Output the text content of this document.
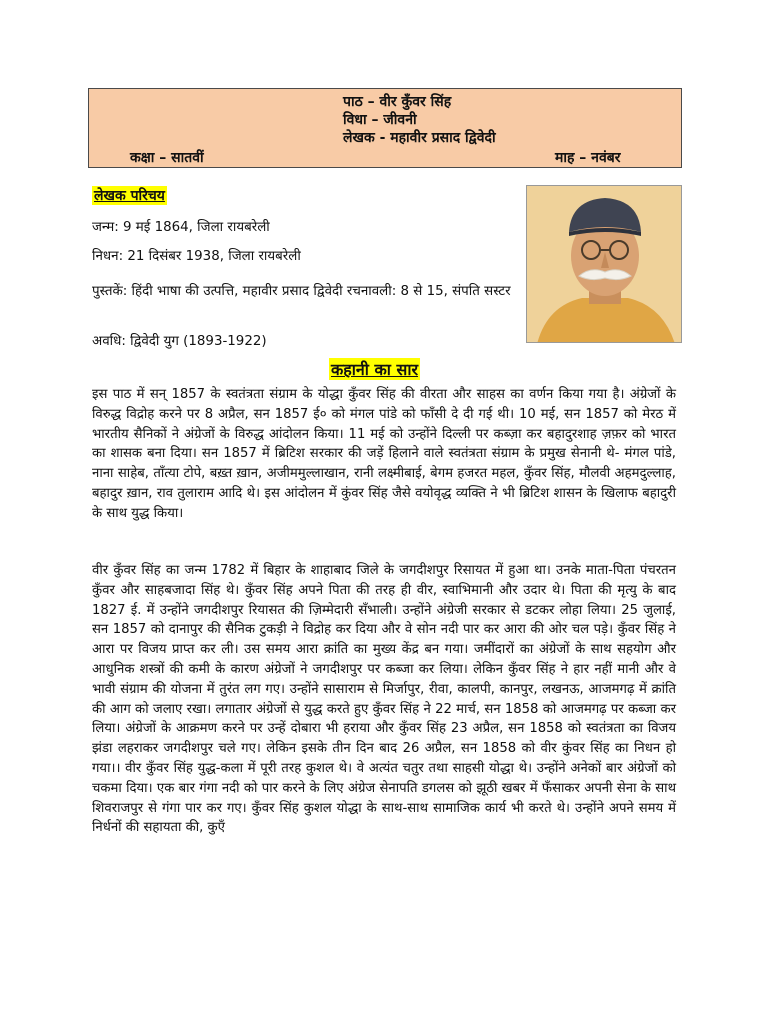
पाठ – वीर कुँवर सिंह
विधा – जीवनी
लेखक - महावीर प्रसाद द्विवेदी
कक्षा – सातवीं	माह – नवंबर
लेखक परिचय

जन्म: 9 मई 1864, जिला रायबरेली

निधन: 21 दिसंबर 1938, जिला रायबरेली

पुस्तकें: हिंदी भाषा की उत्पत्ति, महावीर प्रसाद द्विवेदी रचनावली: 8 से 15, संपति सस्टर

अवधि: द्विवेदी युग (1893-1922)

कहानी का सार

इस पाठ में सन् 1857 के स्वतंत्रता संग्राम के योद्धा कुँवर सिंह की वीरता और साहस का वर्णन किया गया है। अंग्रेजों के विरुद्ध विद्रोह करने पर 8 अप्रैल, सन 1857 ई० को मंगल पांडे को फाँसी दे दी गई थी। 10 मई, सन 1857 को मेरठ में भारतीय सैनिकों ने अंग्रेजों के विरुद्ध आंदोलन किया। 11 मई को उन्होंने दिल्ली पर कब्ज़ा कर बहादुरशाह ज़फ़र को भारत का शासक बना दिया। सन 1857 में ब्रिटिश सरकार की जड़ें हिलाने वाले स्वतंत्रता संग्राम के प्रमुख सेनानी थे- मंगल पांडे, नाना साहेब, ताँत्या टोपे, बख़्त ख़ान, अजीममुल्लाखान, रानी लक्ष्मीबाई, बेगम हजरत महल, कुँवर सिंह, मौलवी अहमदुल्लाह, बहादुर ख़ान, राव तुलाराम आदि थे। इस आंदोलन में कुंवर सिंह जैसे वयोवृद्ध व्यक्ति ने भी ब्रिटिश शासन के खिलाफ बहादुरी के साथ युद्ध किया।

वीर कुँवर सिंह का जन्म 1782 में बिहार के शाहाबाद जिले के जगदीशपुर रिसायत में हुआ था। उनके माता-पिता पंचरतन कुँवर और साहबजादा सिंह थे। कुँवर सिंह अपने पिता की तरह ही वीर, स्वाभिमानी और उदार थे। पिता की मृत्यु के बाद 1827 ई. में उन्होंने जगदीशपुर रियासत की ज़िम्मेदारी सँभाली। उन्होंने अंग्रेजी सरकार से डटकर लोहा लिया। 25 जुलाई, सन 1857 को दानापुर की सैनिक टुकड़ी ने विद्रोह कर दिया और वे सोन नदी पार कर आरा की ओर चल पड़े। कुँवर सिंह ने आरा पर विजय प्राप्त कर ली। उस समय आरा क्रांति का मुख्य केंद्र बन गया। जमींदारों का अंग्रेजों के साथ सहयोग और आधुनिक शस्त्रों की कमी के कारण अंग्रेजों ने जगदीशपुर पर कब्जा कर लिया। लेकिन कुँवर सिंह ने हार नहीं मानी और वे भावी संग्राम की योजना में तुरंत लग गए। उन्होंने सासाराम से मिर्जापुर, रीवा, कालपी, कानपुर, लखनऊ, आजमगढ़ में क्रांति की आग को जलाए रखा। लगातार अंग्रेजों से युद्ध करते हुए कुँवर सिंह ने 22 मार्च, सन 1858 को आजमगढ़ पर कब्जा कर लिया। अंग्रेजों के आक्रमण करने पर उन्हें दोबारा भी हराया और कुँवर सिंह 23 अप्रैल, सन 1858 को स्वतंत्रता का विजय झंडा लहराकर जगदीशपुर चले गए। लेकिन इसके तीन दिन बाद 26 अप्रैल, सन 1858 को वीर कुंवर सिंह का निधन हो गया।। वीर कुँवर सिंह युद्ध-कला में पूरी तरह कुशल थे। वे अत्यंत चतुर तथा साहसी योद्धा थे। उन्होंने अनेकों बार अंग्रेजों को चकमा दिया। एक बार गंगा नदी को पार करने के लिए अंग्रेज सेनापति डगलस को झूठी खबर में फँसाकर अपनी सेना के साथ शिवराजपुर से गंगा पार कर गए। कुँवर सिंह कुशल योद्धा के साथ-साथ सामाजिक कार्य भी करते थे। उन्होंने अपने समय में निर्धनों की सहायता की, कुएँ
